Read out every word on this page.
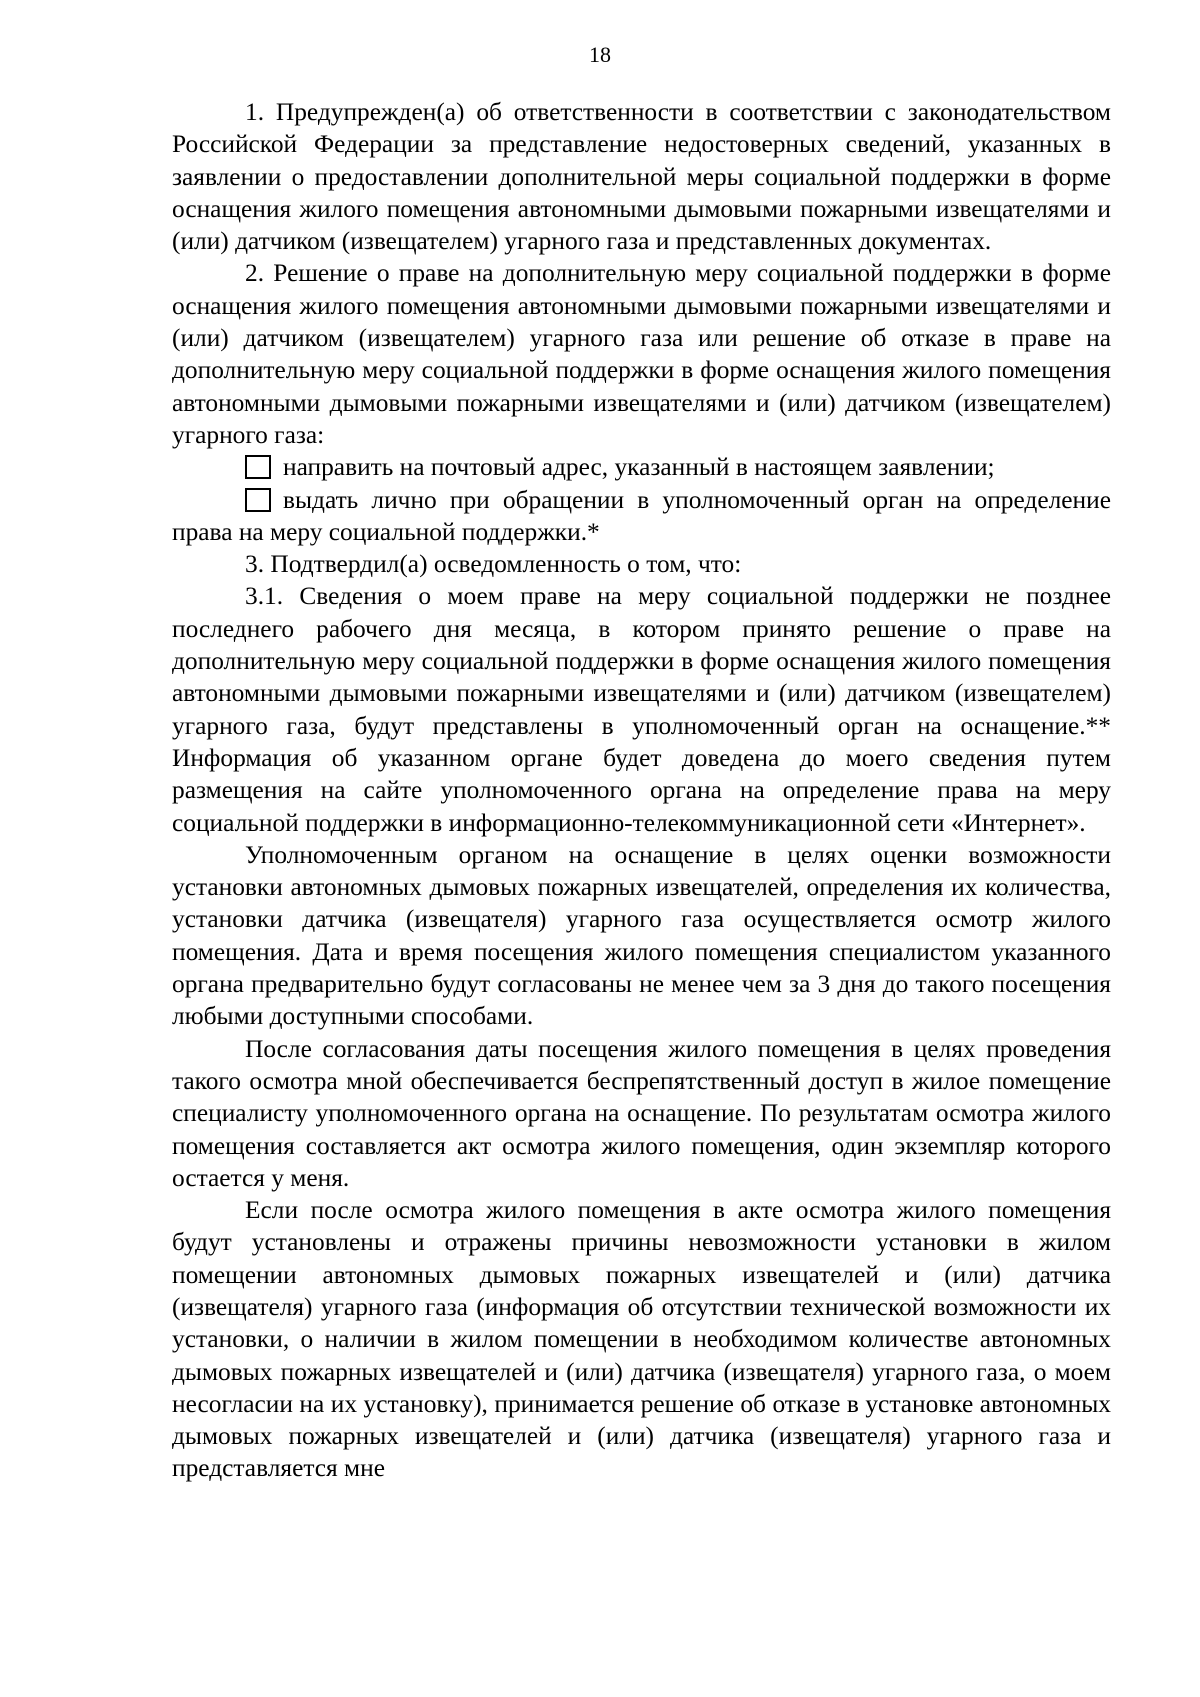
18

1. Предупрежден(а) об ответственности в соответствии с законодательством Российской Федерации за представление недостоверных сведений, указанных в заявлении о предоставлении дополнительной меры социальной поддержки в форме оснащения жилого помещения автономными дымовыми пожарными извещателями и (или) датчиком (извещателем) угарного газа и представленных документах.

2. Решение о праве на дополнительную меру социальной поддержки в форме оснащения жилого помещения автономными дымовыми пожарными извещателями и (или) датчиком (извещателем) угарного газа или решение об отказе в праве на дополнительную меру социальной поддержки в форме оснащения жилого помещения автономными дымовыми пожарными извещателями и (или) датчиком (извещателем) угарного газа:

направить на почтовый адрес, указанный в настоящем заявлении;

выдать лично при обращении в уполномоченный орган на определение права на меру социальной поддержки.*

3. Подтвердил(а) осведомленность о том, что:

3.1. Сведения о моем праве на меру социальной поддержки не позднее последнего рабочего дня месяца, в котором принято решение о праве на дополнительную меру социальной поддержки в форме оснащения жилого помещения автономными дымовыми пожарными извещателями и (или) датчиком (извещателем) угарного газа, будут представлены в уполномоченный орган на оснащение.** Информация об указанном органе будет доведена до моего сведения путем размещения на сайте уполномоченного органа на определение права на меру социальной поддержки в информационно-телекоммуникационной сети «Интернет».

Уполномоченным органом на оснащение в целях оценки возможности установки автономных дымовых пожарных извещателей, определения их количества, установки датчика (извещателя) угарного газа осуществляется осмотр жилого помещения. Дата и время посещения жилого помещения специалистом указанного органа предварительно будут согласованы не менее чем за 3 дня до такого посещения любыми доступными способами.

После согласования даты посещения жилого помещения в целях проведения такого осмотра мной обеспечивается беспрепятственный доступ в жилое помещение специалисту уполномоченного органа на оснащение. По результатам осмотра жилого помещения составляется акт осмотра жилого помещения, один экземпляр которого остается у меня.

Если после осмотра жилого помещения в акте осмотра жилого помещения будут установлены и отражены причины невозможности установки в жилом помещении автономных дымовых пожарных извещателей и (или) датчика (извещателя) угарного газа (информация об отсутствии технической возможности их установки, о наличии в жилом помещении в необходимом количестве автономных дымовых пожарных извещателей и (или) датчика (извещателя) угарного газа, о моем несогласии на их установку), принимается решение об отказе в установке автономных дымовых пожарных извещателей и (или) датчика (извещателя) угарного газа и представляется мне
